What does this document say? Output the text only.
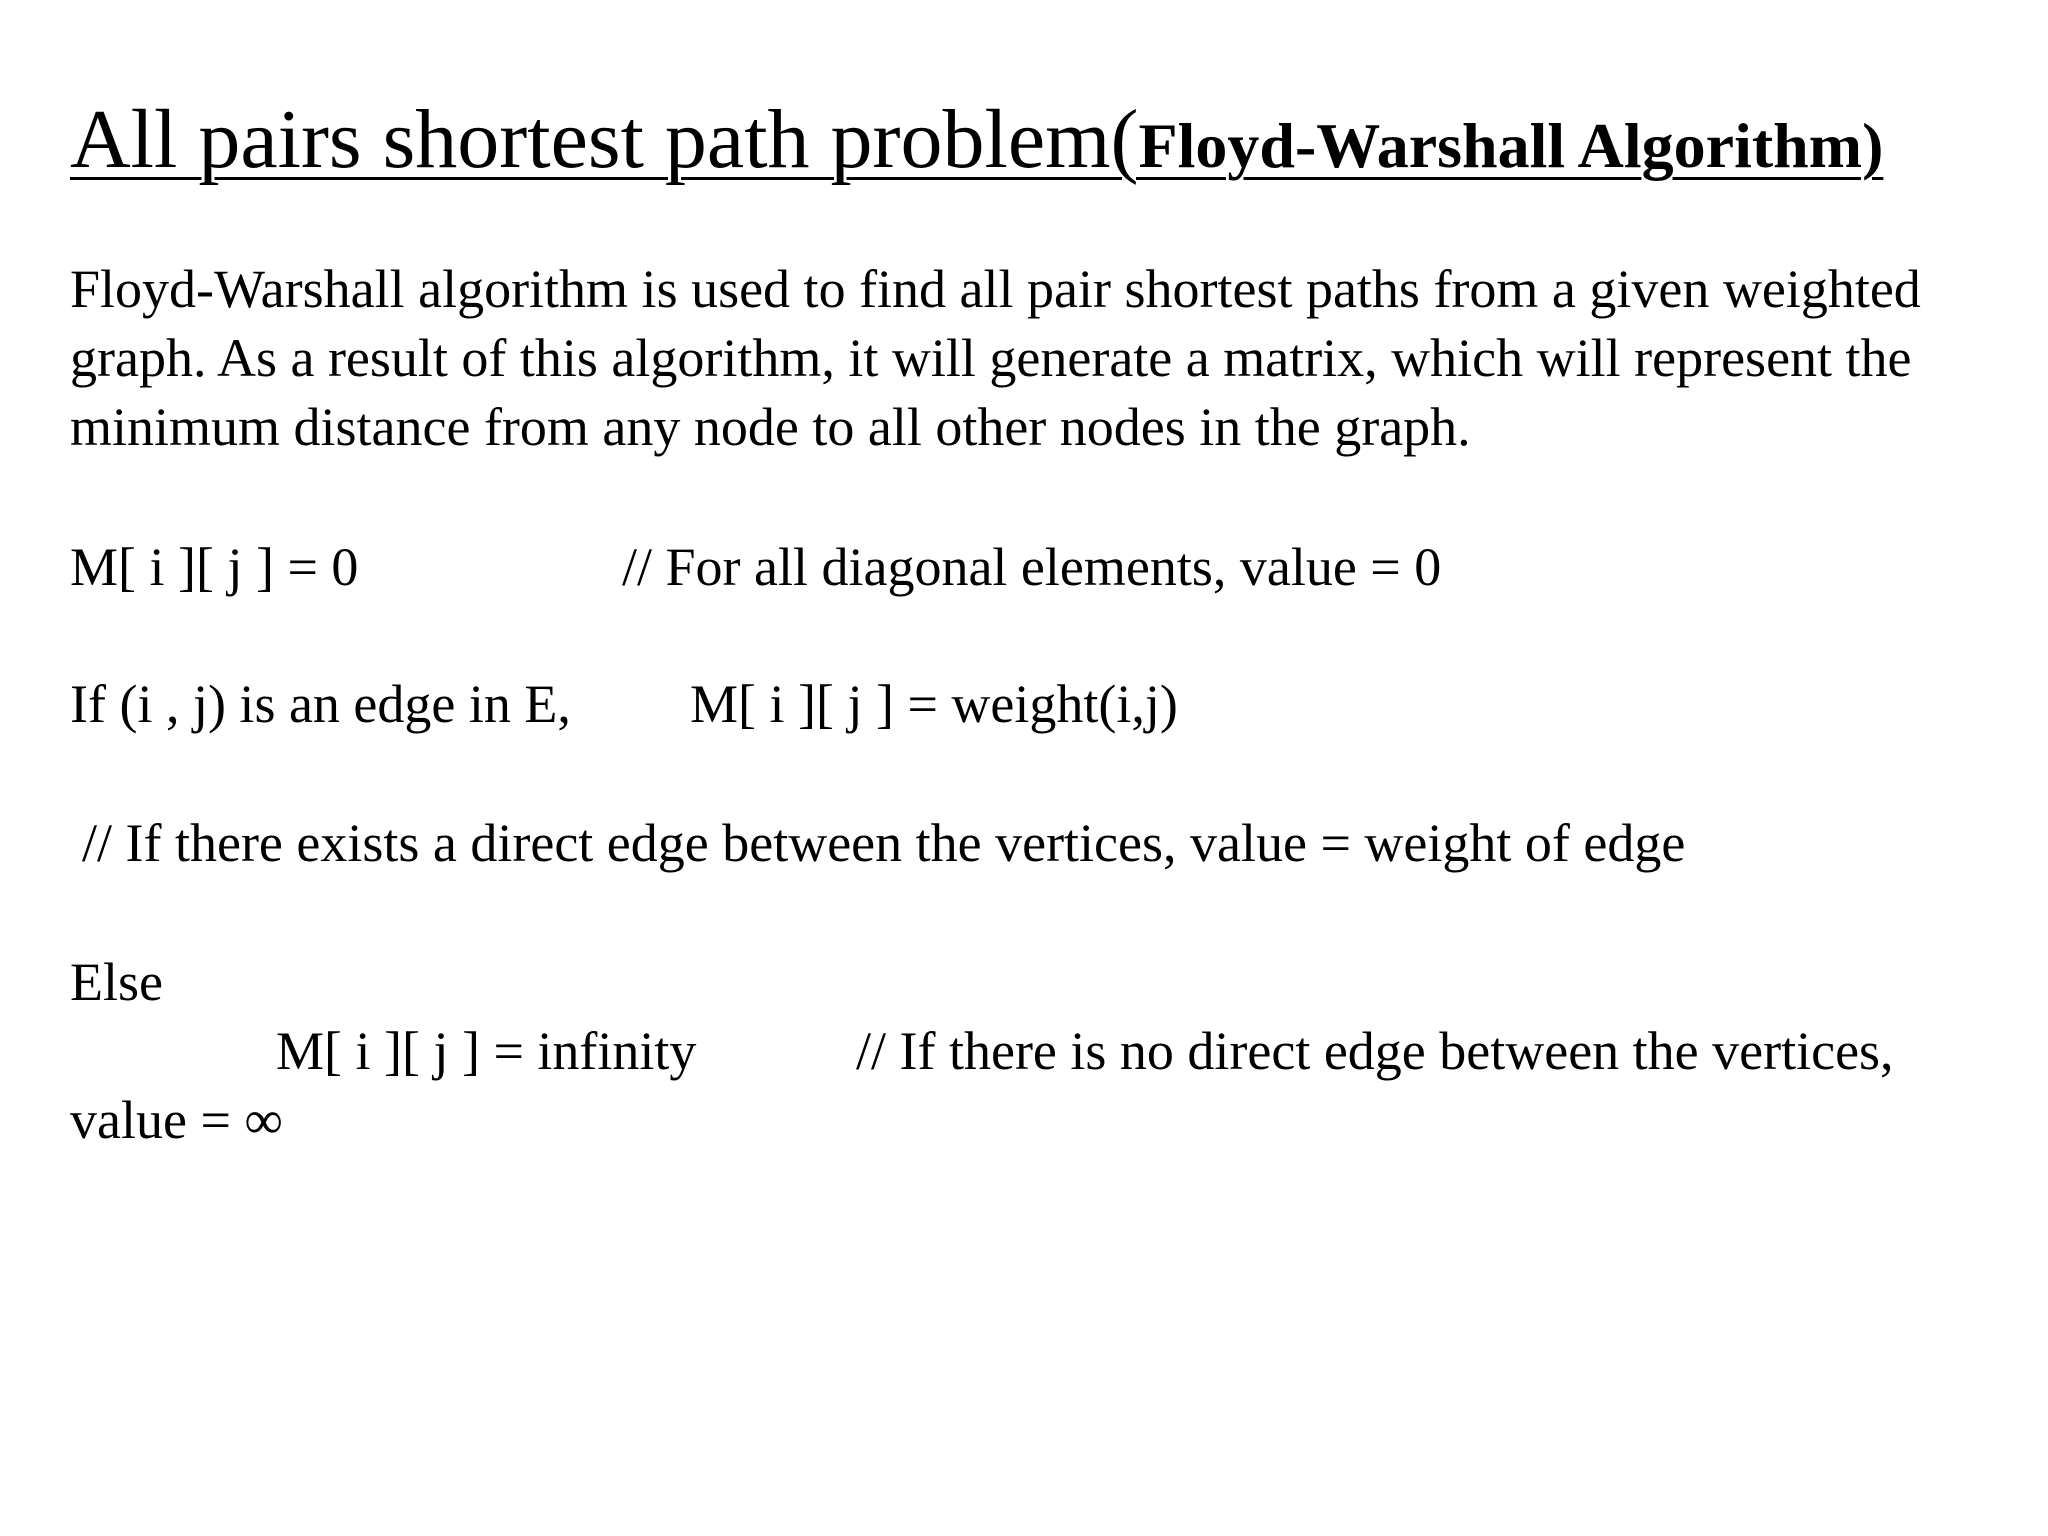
All pairs shortest path problem(Floyd-Warshall Algorithm)

Floyd-Warshall algorithm is used to find all pair shortest paths from a given weighted graph. As a result of this algorithm, it will generate a matrix, which will represent the minimum distance from any node to all other nodes in the graph.

M[ i ][ j ] = 0	// For all diagonal elements, value = 0

If (i , j) is an edge in E, M[ i ][ j ] = weight(i,j)

// If there exists a direct edge between the vertices, value = weight of edge

Else

M[ i ][ j ] = infinity	// If there is no direct edge between the vertices,

value = ∞
